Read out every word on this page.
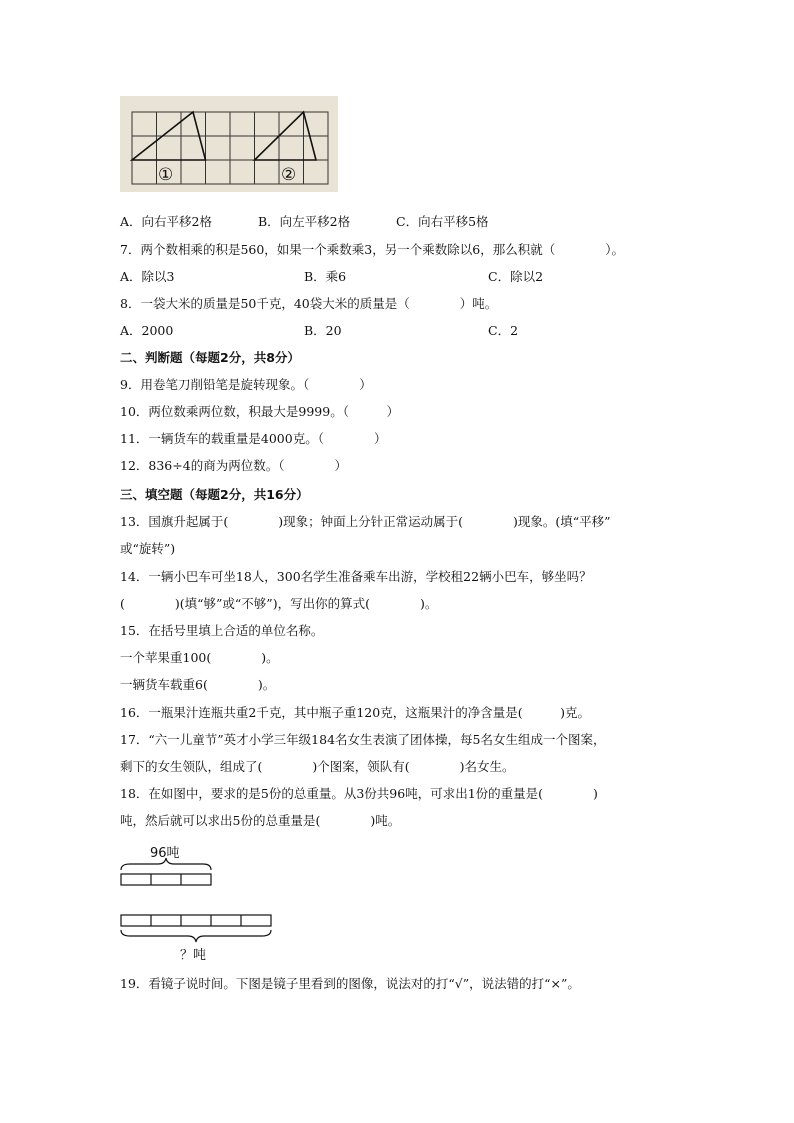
①	②
A．向右平移2格	B．向左平移2格	C．向右平移5格
7．两个数相乘的积是560，如果一个乘数乘3，另一个乘数除以6，那么积就（　　　　）。
A．除以3	B．乘6	C．除以2
8．一袋大米的质量是50千克，40袋大米的质量是（　　　　）吨。
A．2000	B．20	C．2
二、判断题（每题2分，共8分）
9．用卷笔刀削铅笔是旋转现象。（　　　　）
10．两位数乘两位数，积最大是9999。（　　　）
11．一辆货车的载重量是4000克。（　　　　）
12．836÷4的商为两位数。（　　　　）
三、填空题（每题2分，共16分）
13．国旗升起属于(　　　　)现象；钟面上分针正常运动属于(　　　　)现象。(填“平移”
或“旋转”)
14．一辆小巴车可坐18人，300名学生准备乘车出游，学校租22辆小巴车，够坐吗？
(　　　　)(填“够”或“不够”)，写出你的算式(　　　　)。
15．在括号里填上合适的单位名称。
一个苹果重100(　　　　)。
一辆货车载重6(　　　　)。
16．一瓶果汁连瓶共重2千克，其中瓶子重120克，这瓶果汁的净含量是(　　　)克。
17．“六一儿童节”英才小学三年级184名女生表演了团体操，每5名女生组成一个图案，
剩下的女生领队，组成了(　　　　)个图案，领队有(　　　　)名女生。
18．在如图中，要求的是5份的总重量。从3份共96吨，可求出1份的重量是(　　　　)
吨，然后就可以求出5份的总重量是(　　　　)吨。
96吨
？吨
19．看镜子说时间。下图是镜子里看到的图像，说法对的打“√”，说法错的打“×”。
